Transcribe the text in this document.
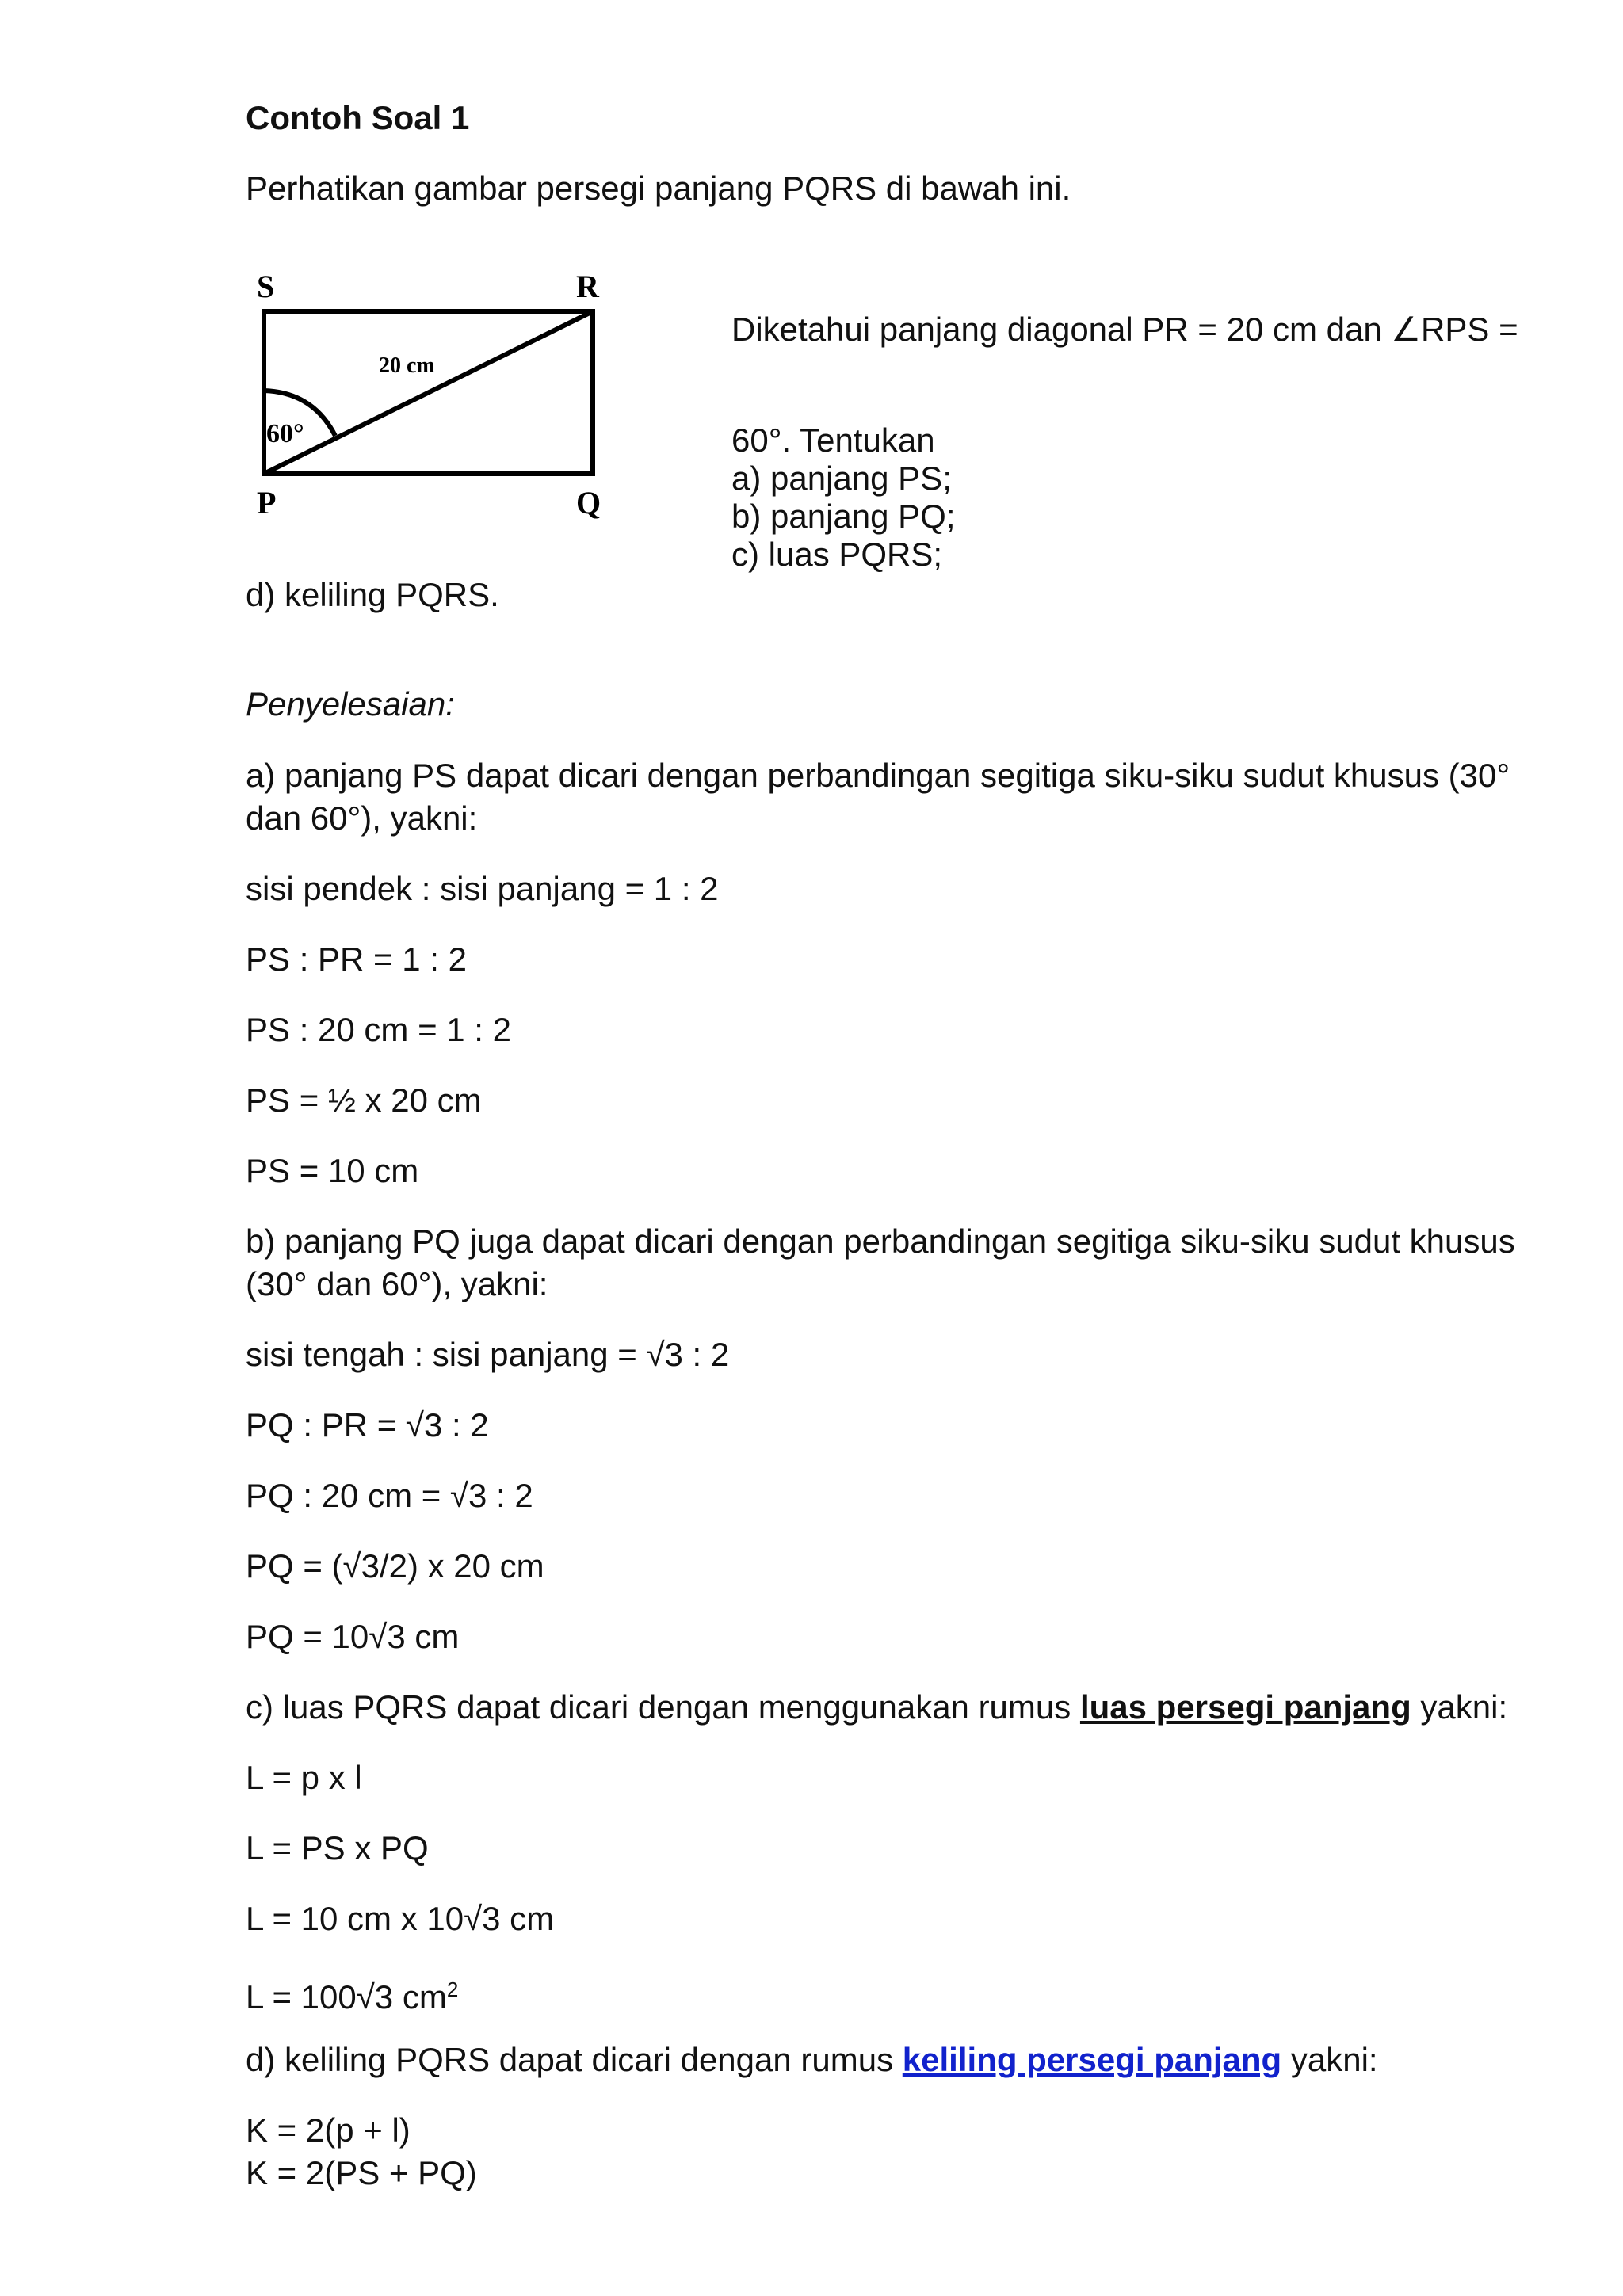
Contoh Soal 1
Perhatikan gambar persegi panjang PQRS di bawah ini.
S	R
P	Q
20 cm
60°
Diketahui panjang diagonal PR = 20 cm dan ∠RPS =
60°. Tentukan
a) panjang PS;
b) panjang PQ;
c) luas PQRS;
d) keliling PQRS.
Penyelesaian:
a) panjang PS dapat dicari dengan perbandingan segitiga siku-siku sudut khusus (30°
dan 60°), yakni:
sisi pendek : sisi panjang = 1 : 2
PS : PR = 1 : 2
PS : 20 cm = 1 : 2
PS = ½ x 20 cm
PS = 10 cm
b) panjang PQ juga dapat dicari dengan perbandingan segitiga siku-siku sudut khusus
(30° dan 60°), yakni:
sisi tengah : sisi panjang = √3 : 2
PQ : PR = √3 : 2
PQ : 20 cm = √3 : 2
PQ = (√3/2) x 20 cm
PQ = 10√3 cm
c) luas PQRS dapat dicari dengan menggunakan rumus luas persegi panjang yakni:
L = p x l
L = PS x PQ
L = 10 cm x 10√3 cm
L = 100√3 $cm^2$
d) keliling PQRS dapat dicari dengan rumus keliling persegi panjang yakni:
K = 2(p + l)
K = 2(PS + PQ)
